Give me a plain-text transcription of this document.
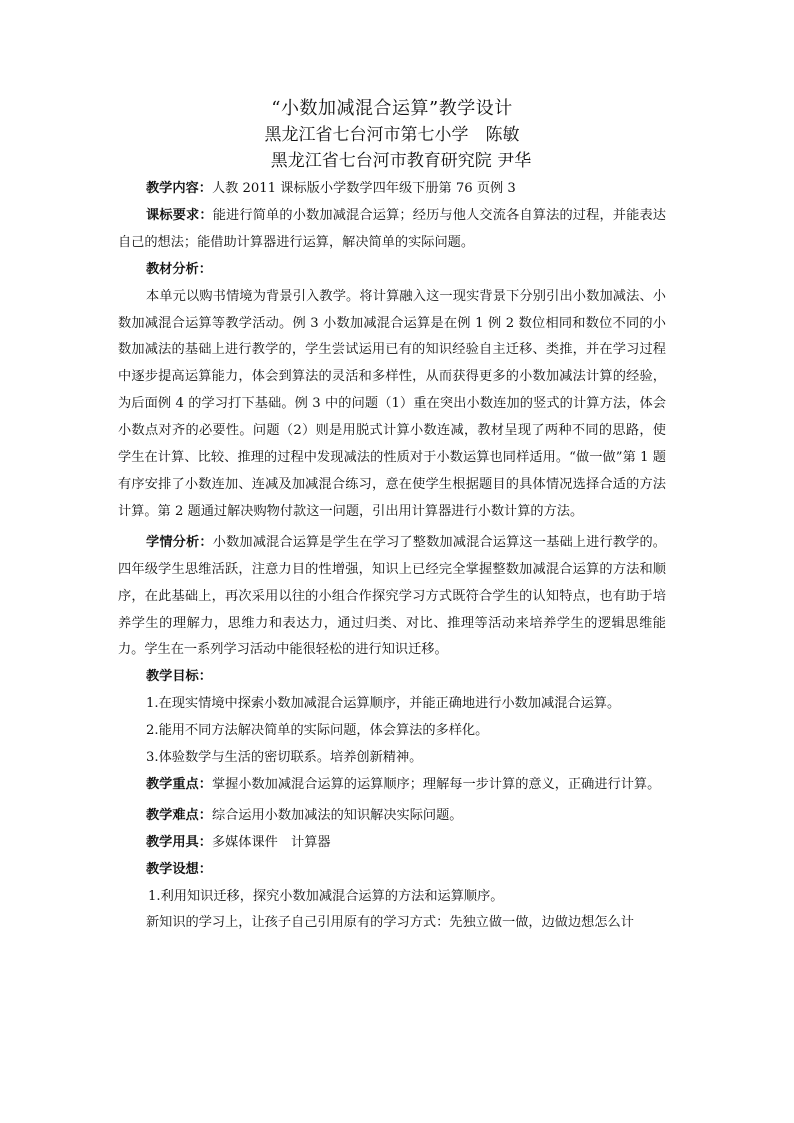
“小数加减混合运算”教学设计

黑龙江省七台河市第七小学　陈敏

黑龙江省七台河市教育研究院 尹华

教学内容：人教 2011 课标版小学数学四年级下册第 76 页例 3

课标要求：能进行简单的小数加减混合运算；经历与他人交流各自算法的过程，并能表达自己的想法；能借助计算器进行运算，解决简单的实际问题。

教材分析：

本单元以购书情境为背景引入教学。将计算融入这一现实背景下分别引出小数加减法、小数加减混合运算等教学活动。例 3 小数加减混合运算是在例 1 例 2 数位相同和数位不同的小数加减法的基础上进行教学的，学生尝试运用已有的知识经验自主迁移、类推，并在学习过程中逐步提高运算能力，体会到算法的灵活和多样性，从而获得更多的小数加减法计算的经验，为后面例 4 的学习打下基础。例 3 中的问题（1）重在突出小数连加的竖式的计算方法，体会小数点对齐的必要性。问题（2）则是用脱式计算小数连减，教材呈现了两种不同的思路，使学生在计算、比较、推理的过程中发现减法的性质对于小数运算也同样适用。“做一做”第 1 题有序安排了小数连加、连减及加减混合练习，意在使学生根据题目的具体情况选择合适的方法计算。第 2 题通过解决购物付款这一问题，引出用计算器进行小数计算的方法。

学情分析：小数加减混合运算是学生在学习了整数加减混合运算这一基础上进行教学的。四年级学生思维活跃，注意力目的性增强，知识上已经完全掌握整数加减混合运算的方法和顺序，在此基础上，再次采用以往的小组合作探究学习方式既符合学生的认知特点，也有助于培养学生的理解力，思维力和表达力，通过归类、对比、推理等活动来培养学生的逻辑思维能力。学生在一系列学习活动中能很轻松的进行知识迁移。

教学目标：

1.在现实情境中探索小数加减混合运算顺序，并能正确地进行小数加减混合运算。

2.能用不同方法解决简单的实际问题，体会算法的多样化。

3.体验数学与生活的密切联系。培养创新精神。

教学重点：掌握小数加减混合运算的运算顺序；理解每一步计算的意义，正确进行计算。

教学难点：综合运用小数加减法的知识解决实际问题。

教学用具：多媒体课件　计算器

教学设想：

1.利用知识迁移，探究小数加减混合运算的方法和运算顺序。

新知识的学习上，让孩子自己引用原有的学习方式：先独立做一做，边做边想怎么计
